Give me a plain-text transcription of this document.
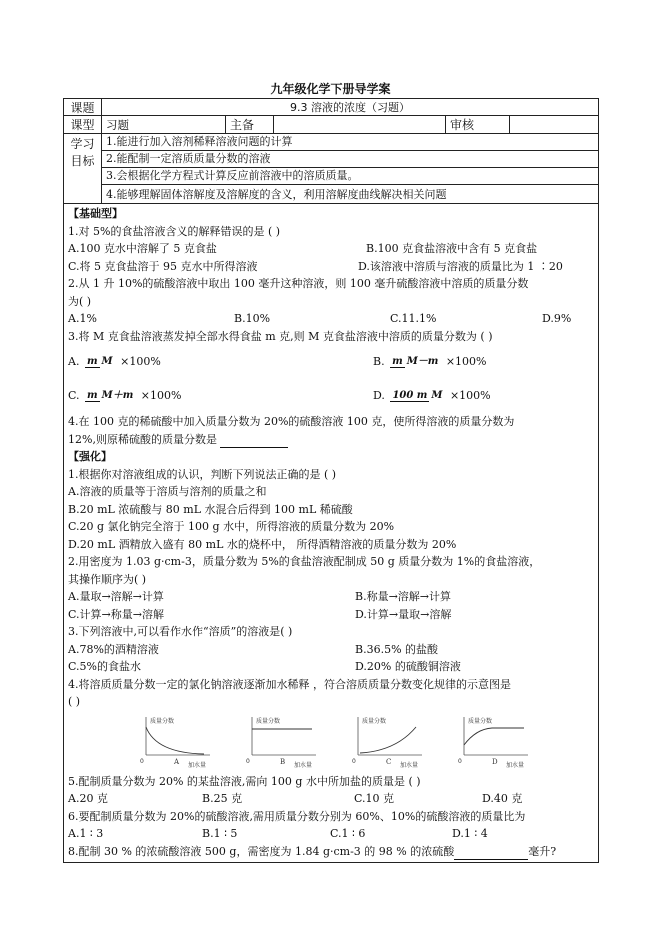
九年级化学下册导学案
课题	9.3 溶液的浓度（习题）
课型	习题	主备	审核
学习
目标
1.能进行加入溶剂稀释溶液问题的计算
2.能配制一定溶质质量分数的溶液
3.会根据化学方程式计算反应前溶液中的溶质质量。
4.能够理解固体溶解度及溶解度的含义，利用溶解度曲线解决相关问题
【基础型】
1.对 5%的食盐溶液含义的解释错误的是 ( )
A.100 克水中溶解了 5 克食盐	B.100 克食盐溶液中含有 5 克食盐
C.将 5 克食盐溶于 95 克水中所得溶液	D.该溶液中溶质与溶液的质量比为 1 ∶20
2.从 1 升 10%的硫酸溶液中取出 100 毫升这种溶液，则 100 毫升硫酸溶液中溶质的质量分数
为( )
A.1%	B.10%	C.11.1%	D.9%
3.将 M 克食盐溶液蒸发掉全部水得食盐 m 克,则 M 克食盐溶液中溶质的质量分数为 ( )
A. m M ×100%	B. m M－m ×100%
C. m M＋m ×100%	D. 100 m M ×100%
4.在 100 克的稀硫酸中加入质量分数为 20%的硫酸溶液 100 克，使所得溶液的质量分数为
12%,则原稀硫酸的质量分数是
【强化】
1.根据你对溶液组成的认识，判断下列说法正确的是 ( )
A.溶液的质量等于溶质与溶剂的质量之和
B.20 mL 浓硫酸与 80 mL 水混合后得到 100 mL 稀硫酸
C.20 g 氯化钠完全溶于 100 g 水中，所得溶液的质量分数为 20%
D.20 mL 酒精放入盛有 80 mL 水的烧杯中， 所得酒精溶液的质量分数为 20%
2.用密度为 1.03 g·cm-3，质量分数为 5%的食盐溶液配制成 50 g 质量分数为 1%的食盐溶液，
其操作顺序为( )
A.量取→溶解→计算	B.称量→溶解→计算
C.计算→称量→溶解	D.计算→量取→溶解
3.下列溶液中,可以看作水作“溶质”的溶液是( )
A.78%的酒精溶液	B.36.5% 的盐酸
C.5%的食盐水	D.20% 的硫酸铜溶液
4.将溶质质量分数一定的氯化钠溶液逐渐加水稀释 ，符合溶质质量分数变化规律的示意图是
( )
质量分数
0
加水量
A
质量分数
0
加水量
B
质量分数
0
加水量
C
质量分数
0
加水量
D
5.配制质量分数为 20% 的某盐溶液,需向 100 g 水中所加盐的质量是 ( )
A.20 克	B.25 克	C.10 克	D.40 克
6.要配制质量分数为 20%的硫酸溶液,需用质量分数分别为 60%、10%的硫酸溶液的质量比为
A.1 ∶ 3	B.1 ∶ 5	C.1 ∶ 6	D.1 ∶ 4
8.配制 30 % 的浓硫酸溶液 500 g，需密度为 1.84 g·cm-3 的 98 % 的浓硫酸	毫升?
